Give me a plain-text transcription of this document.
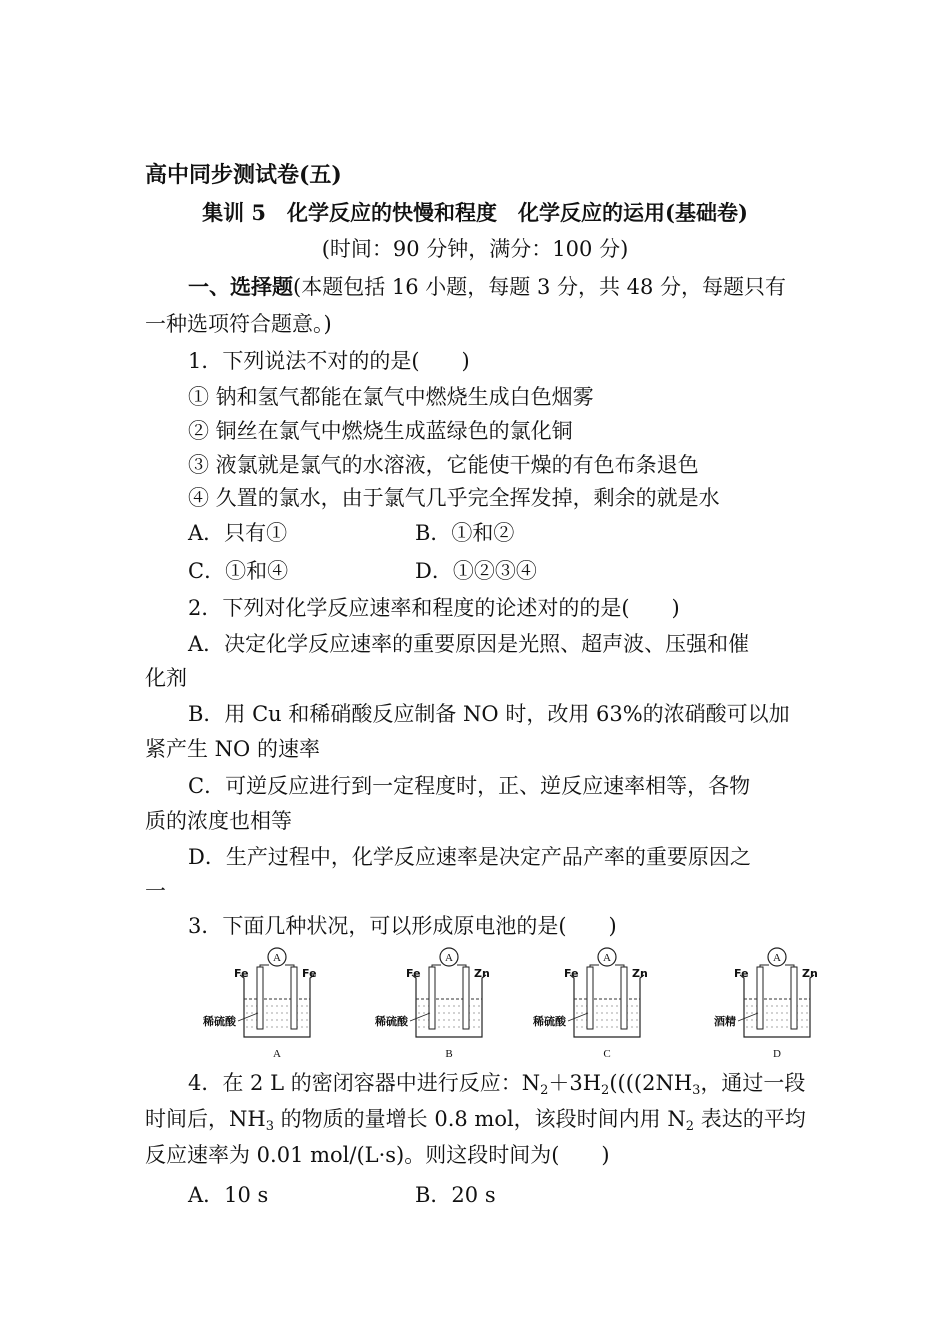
高中同步测试卷(五)
集训 5　化学反应的快慢和程度　化学反应的运用(基础卷)
(时间：90 分钟，满分：100 分)
一、选择题(本题包括 16 小题，每题 3 分，共 48 分，每题只有
一种选项符合题意。)
1．下列说法不对的的是(　　)
① 钠和氢气都能在氯气中燃烧生成白色烟雾
② 铜丝在氯气中燃烧生成蓝绿色的氯化铜
③ 液氯就是氯气的水溶液，它能使干燥的有色布条退色
④ 久置的氯水，由于氯气几乎完全挥发掉，剩余的就是水
A．只有①	B．①和②
C．①和④	D．①②③④
2．下列对化学反应速率和程度的论述对的的是(　　)
A．决定化学反应速率的重要原因是光照、超声波、压强和催
化剂
B．用 Cu 和稀硝酸反应制备 NO 时，改用 63%的浓硝酸可以加
紧产生 NO 的速率
C．可逆反应进行到一定程度时，正、逆反应速率相等，各物
质的浓度也相等
D．生产过程中，化学反应速率是决定产品产率的重要原因之
一
3．下面几种状况，可以形成原电池的是(　　)
A
Fe	Fe
稀硫酸
A
A
Fe	Zn
稀硫酸
B
A
Fe	Zn
稀硫酸
C
A
Fe	Zn
酒精
D
4．在 2 L 的密闭容器中进行反应：$N_2+3H_2((((2NH_3$，通过一段
时间后，$NH_3$ 的物质的量增长 0.8 mol，该段时间内用 $N_2$ 表达的平均
反应速率为 0.01 mol/(L·s)。则这段时间为(　　)
A．10 s	B．20 s
